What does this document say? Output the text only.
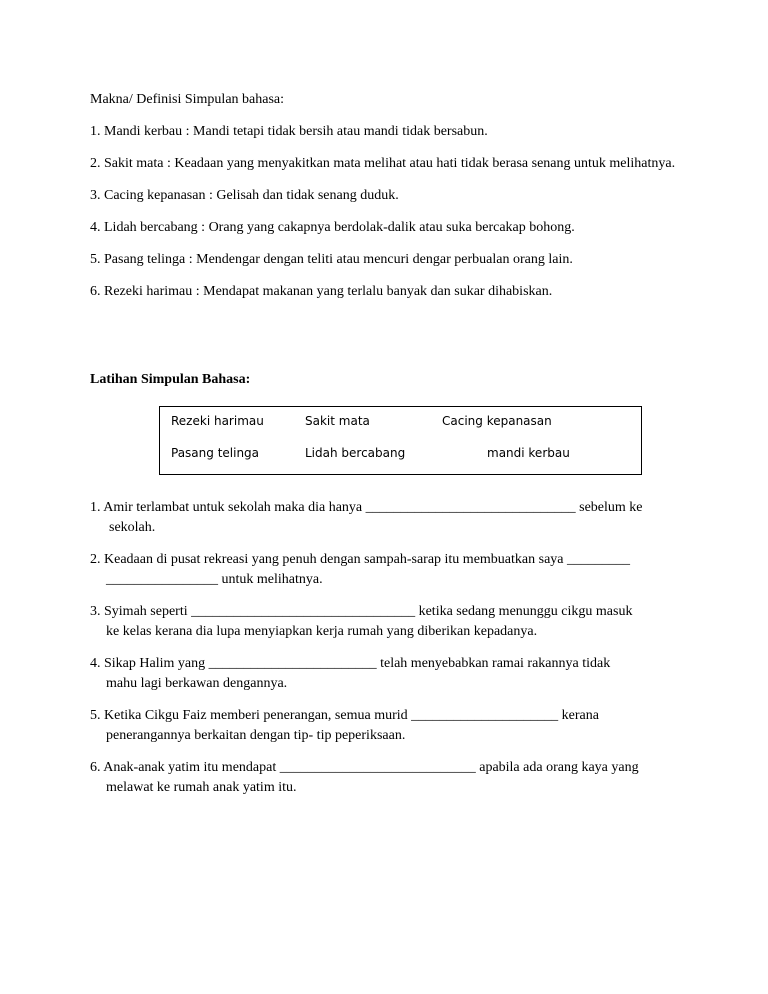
Makna/ Definisi Simpulan bahasa:
1. Mandi kerbau : Mandi tetapi tidak bersih atau mandi tidak bersabun.
2. Sakit mata : Keadaan yang menyakitkan mata melihat atau hati tidak berasa senang untuk melihatnya.
3. Cacing kepanasan : Gelisah dan tidak senang duduk.
4. Lidah bercabang : Orang yang cakapnya berdolak-dalik atau suka bercakap bohong.
5. Pasang telinga : Mendengar dengan teliti atau mencuri dengar perbualan orang lain.
6. Rezeki harimau : Mendapat makanan yang terlalu banyak dan sukar dihabiskan.
Latihan Simpulan Bahasa:
Rezeki harimau	Sakit mata	Cacing kepanasan
Pasang telinga	Lidah bercabang	mandi kerbau
1. Amir terlambat untuk sekolah maka dia hanya ______________________________ sebelum ke
sekolah.
2. Keadaan di pusat rekreasi yang penuh dengan sampah-sarap itu membuatkan saya _________
________________ untuk melihatnya.
3. Syimah seperti ________________________________ ketika sedang menunggu cikgu masuk
ke kelas kerana dia lupa menyiapkan kerja rumah yang diberikan kepadanya.
4. Sikap Halim yang ________________________ telah menyebabkan ramai rakannya tidak
mahu lagi berkawan dengannya.
5. Ketika Cikgu Faiz memberi penerangan, semua murid _____________________ kerana
penerangannya berkaitan dengan tip- tip peperiksaan.
6. Anak-anak yatim itu mendapat ____________________________ apabila ada orang kaya yang
melawat ke rumah anak yatim itu.
